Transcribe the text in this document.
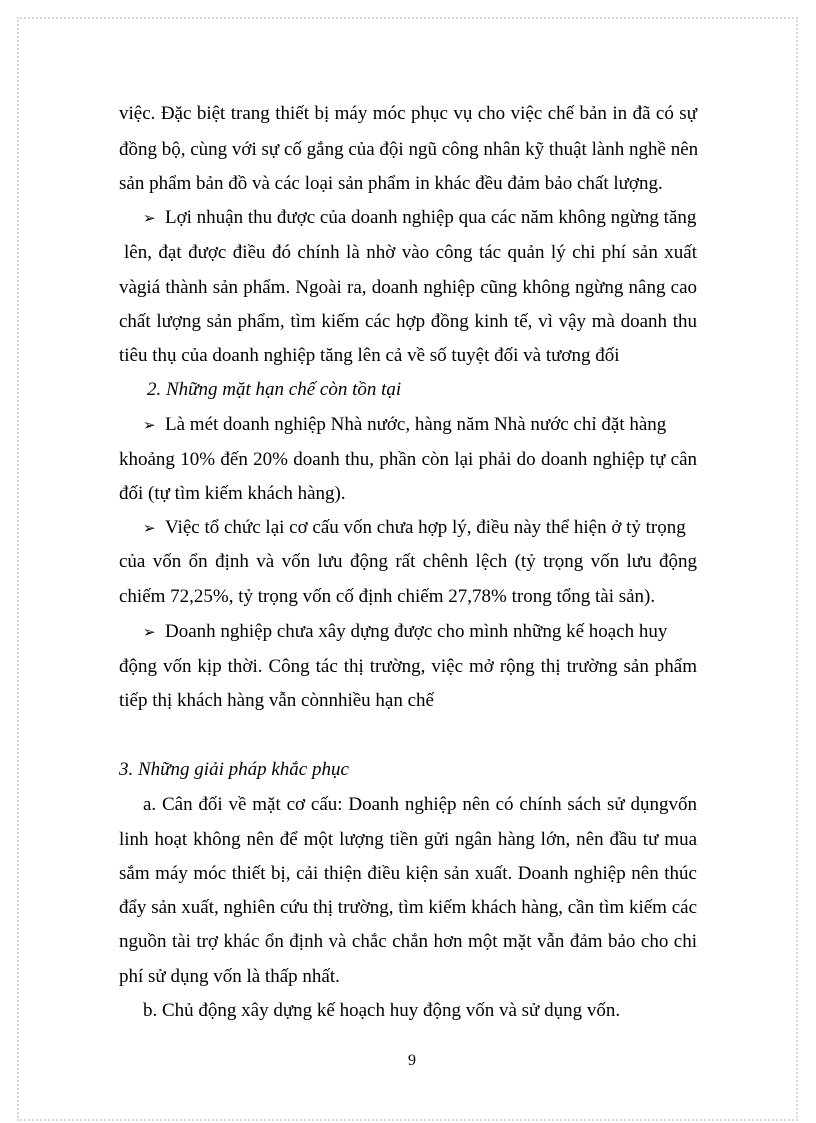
việc. Đặc biệt trang thiết bị máy móc phục vụ cho việc chế bản in đã có sự
đồng bộ, cùng với sự cố gắng của đội ngũ công nhân kỹ thuật lành nghề nên
sản phẩm bản đồ và các loại sản phẩm in khác đều đảm bảo chất lượng.
➢ Lợi nhuận thu được của doanh nghiệp qua các năm không ngừng tăng
lên, đạt được điều đó chính là nhờ vào công tác quản lý chi phí sản xuất
vàgiá thành sản phẩm. Ngoài ra, doanh nghiệp cũng không ngừng nâng cao
chất lượng sản phẩm, tìm kiếm các hợp đồng kinh tế, vì vậy mà doanh thu
tiêu thụ của doanh nghiệp tăng lên cả về số tuyệt đối và tương đối
2. Những mặt hạn chế còn tồn tại
➢ Là mét doanh nghiệp Nhà nước, hàng năm Nhà nước chỉ đặt hàng
khoảng 10% đến 20% doanh thu, phần còn lại phải do doanh nghiệp tự cân
đối (tự tìm kiếm khách hàng).
➢ Việc tổ chức lại cơ cấu vốn chưa hợp lý, điều này thể hiện ở tỷ trọng
của vốn ổn định và vốn lưu động rất chênh lệch (tỷ trọng vốn lưu động
chiếm 72,25%, tỷ trọng vốn cố định chiếm 27,78% trong tổng tài sản).
➢ Doanh nghiệp chưa xây dựng được cho mình những kế hoạch huy
động vốn kịp thời. Công tác thị trường, việc mở rộng thị trường sản phẩm
tiếp thị khách hàng vẫn cònnhiều hạn chế
3. Những giải pháp khắc phục
a. Cân đối về mặt cơ cấu: Doanh nghiệp nên có chính sách sử dụngvốn
linh hoạt không nên để một lượng tiền gửi ngân hàng lớn, nên đầu tư mua
sắm máy móc thiết bị, cải thiện điều kiện sản xuất. Doanh nghiệp nên thúc
đẩy sản xuất, nghiên cứu thị trường, tìm kiếm khách hàng, cần tìm kiếm các
nguồn tài trợ khác ổn định và chắc chắn hơn một mặt vẫn đảm bảo cho chi
phí sử dụng vốn là thấp nhất.
b. Chủ động xây dựng kế hoạch huy động vốn và sử dụng vốn.
9
